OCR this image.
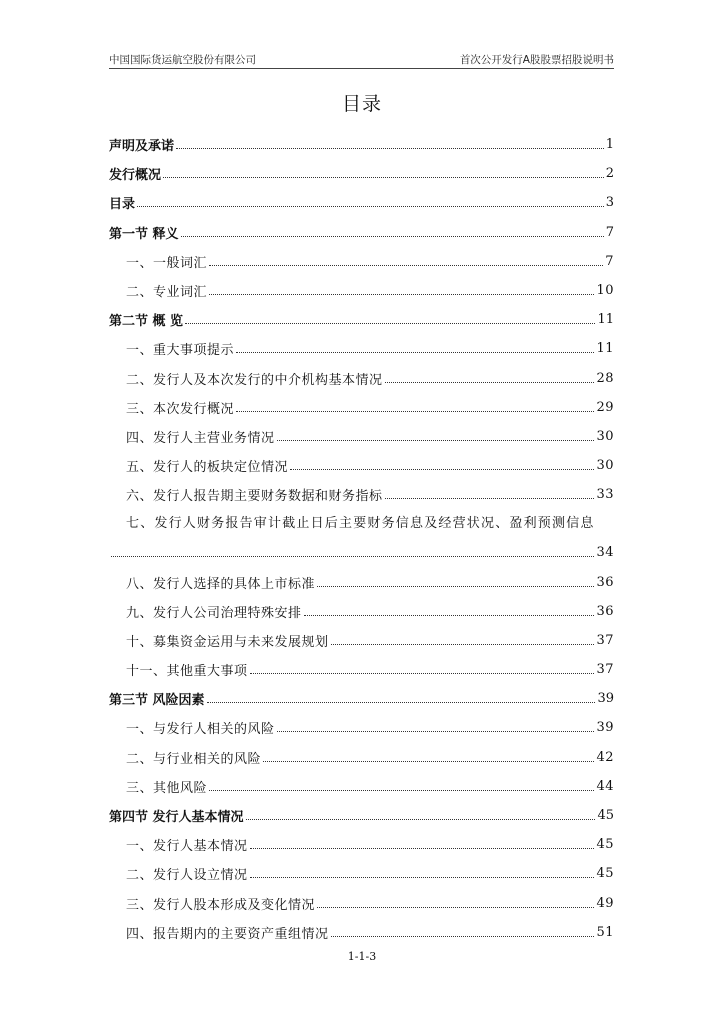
中国国际货运航空股份有限公司	首次公开发行A股股票招股说明书
目录
声明及承诺	1
发行概况	2
目录	3
第一节 释义	7
一、一般词汇	7
二、专业词汇	10
第二节 概 览	11
一、重大事项提示	11
二、发行人及本次发行的中介机构基本情况	28
三、本次发行概况	29
四、发行人主营业务情况	30
五、发行人的板块定位情况	30
六、发行人报告期主要财务数据和财务指标	33
七、发行人财务报告审计截止日后主要财务信息及经营状况、盈利预测信息
34
八、发行人选择的具体上市标准	36
九、发行人公司治理特殊安排	36
十、募集资金运用与未来发展规划	37
十一、其他重大事项	37
第三节 风险因素	39
一、与发行人相关的风险	39
二、与行业相关的风险	42
三、其他风险	44
第四节 发行人基本情况	45
一、发行人基本情况	45
二、发行人设立情况	45
三、发行人股本形成及变化情况	49
四、报告期内的主要资产重组情况	51
1-1-3
